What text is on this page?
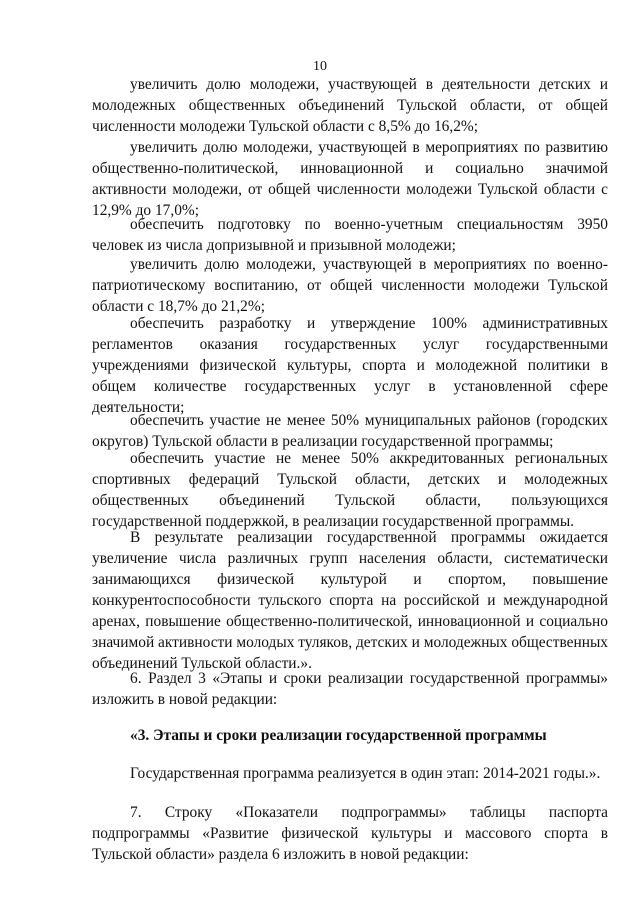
10

увеличить долю молодежи, участвующей в деятельности детских и молодежных общественных объединений Тульской области, от общей численности молодежи Тульской области с 8,5% до 16,2%;

увеличить долю молодежи, участвующей в мероприятиях по развитию общественно-политической, инновационной и социально значимой активности молодежи, от общей численности молодежи Тульской области с 12,9% до 17,0%;

обеспечить подготовку по военно-учетным специальностям 3950 человек из числа допризывной и призывной молодежи;

увеличить долю молодежи, участвующей в мероприятиях по военно-патриотическому воспитанию, от общей численности молодежи Тульской области с 18,7% до 21,2%;

обеспечить разработку и утверждение 100% административных регламентов оказания государственных услуг государственными учреждениями физической культуры, спорта и молодежной политики в общем количестве государственных услуг в установленной сфере деятельности;

обеспечить участие не менее 50% муниципальных районов (городских округов) Тульской области в реализации государственной программы;

обеспечить участие не менее 50% аккредитованных региональных спортивных федераций Тульской области, детских и молодежных общественных объединений Тульской области, пользующихся государственной поддержкой, в реализации государственной программы.

В результате реализации государственной программы ожидается увеличение числа различных групп населения области, систематически занимающихся физической культурой и спортом, повышение конкурентоспособности тульского спорта на российской и международной аренах, повышение общественно-политической, инновационной и социально значимой активности молодых туляков, детских и молодежных общественных объединений Тульской области.».

6. Раздел 3 «Этапы и сроки реализации государственной программы» изложить в новой редакции:

«3. Этапы и сроки реализации государственной программы

Государственная программа реализуется в один этап: 2014-2021 годы.».

7. Строку «Показатели подпрограммы» таблицы паспорта подпрограммы «Развитие физической культуры и массового спорта в Тульской области» раздела 6 изложить в новой редакции:
